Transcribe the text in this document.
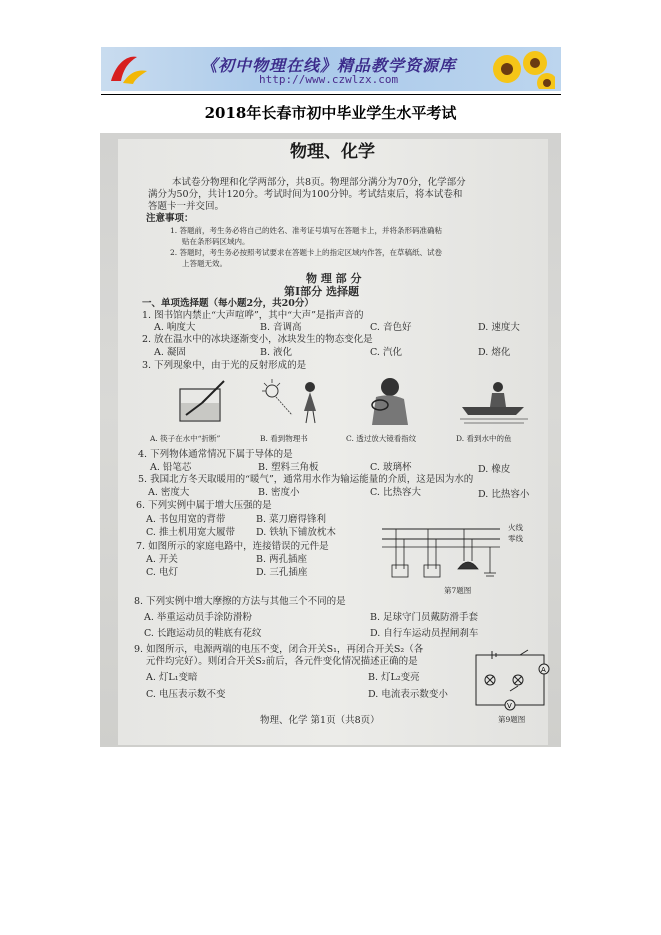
《初中物理在线》精品教学资源库
http://www.czwlzx.com
2018年长春市初中毕业学生水平考试
物理、化学
本试卷分物理和化学两部分，共8页。物理部分满分为70分，化学部分
满分为50分，共计120分。考试时间为100分钟。考试结束后，将本试卷和
答题卡一并交回。
注意事项：
1. 答题前，考生务必将自己的姓名、准考证号填写在答题卡上，并将条形码准确粘
贴在条形码区域内。
2. 答题时，考生务必按照考试要求在答题卡上的指定区域内作答，在草稿纸、试卷
上答题无效。
物 理 部 分
第Ⅰ部分 选择题
一、单项选择题（每小题2分，共20分）
1. 图书馆内禁止“大声喧哗”，其中“大声”是指声音的
A. 响度大	B. 音调高	C. 音色好	D. 速度大
2. 放在温水中的冰块逐渐变小，冰块发生的物态变化是
A. 凝固	B. 液化	C. 汽化	D. 熔化
3. 下列现象中，由于光的反射形成的是
A. 筷子在水中“折断”	B. 看到物理书	C. 透过放大镜看指纹	D. 看到水中的鱼
4. 下列物体通常情况下属于导体的是
A. 铅笔芯	B. 塑料三角板	C. 玻璃杯	D. 橡皮
5. 我国北方冬天取暖用的“暖气”，通常用水作为输运能量的介质，这是因为水的
A. 密度大	B. 密度小	C. 比热容大	D. 比热容小
6. 下列实例中属于增大压强的是
A. 书包用宽的背带	B. 菜刀磨得锋利
C. 推土机用宽大履带 D. 铁轨下铺放枕木	火线
零线
第7题图
7. 如图所示的家庭电路中，连接错误的元件是
A. 开关	B. 两孔插座
C. 电灯	D. 三孔插座
8. 下列实例中增大摩擦的方法与其他三个不同的是
A. 举重运动员手涂防滑粉	B. 足球守门员戴防滑手套
C. 长跑运动员的鞋底有花纹	D. 自行车运动员捏闸刹车
9. 如图所示，电源两端的电压不变，闭合开关S₁，再闭合开关S₂（各
元件均完好）。则闭合开关S₂前后，各元件变化情况描述正确的是
A. 灯L₁变暗	B. 灯L₂变亮
C. 电压表示数不变	D. 电流表示数变小
A
V
第9题图
物理、化学 第1页（共8页）
